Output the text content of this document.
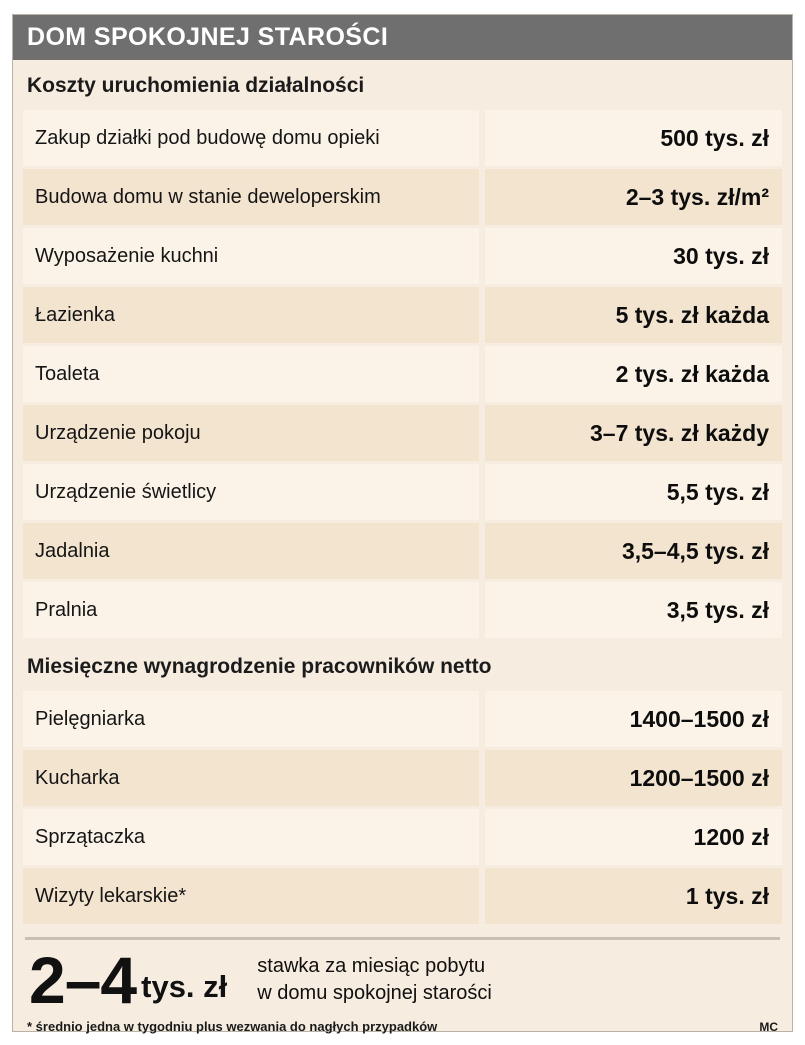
DOM SPOKOJNEJ STAROŚCI
Koszty uruchomienia działalności
Zakup działki pod budowę domu opieki	500 tys. zł
Budowa domu w stanie deweloperskim	2–3 tys. zł/m²
Wyposażenie kuchni	30 tys. zł
Łazienka	5 tys. zł każda
Toaleta	2 tys. zł każda
Urządzenie pokoju	3–7 tys. zł każdy
Urządzenie świetlicy	5,5 tys. zł
Jadalnia	3,5–4,5 tys. zł
Pralnia	3,5 tys. zł
Miesięczne wynagrodzenie pracowników netto
Pielęgniarka	1400–1500 zł
Kucharka	1200–1500 zł
Sprzątaczka	1200 zł
Wizyty lekarskie*	1 tys. zł
2–4 tys. zł
stawka za miesiąc pobytu
w domu spokojnej starości
* średnio jedna w tygodniu plus wezwania do nagłych przypadków	MC
